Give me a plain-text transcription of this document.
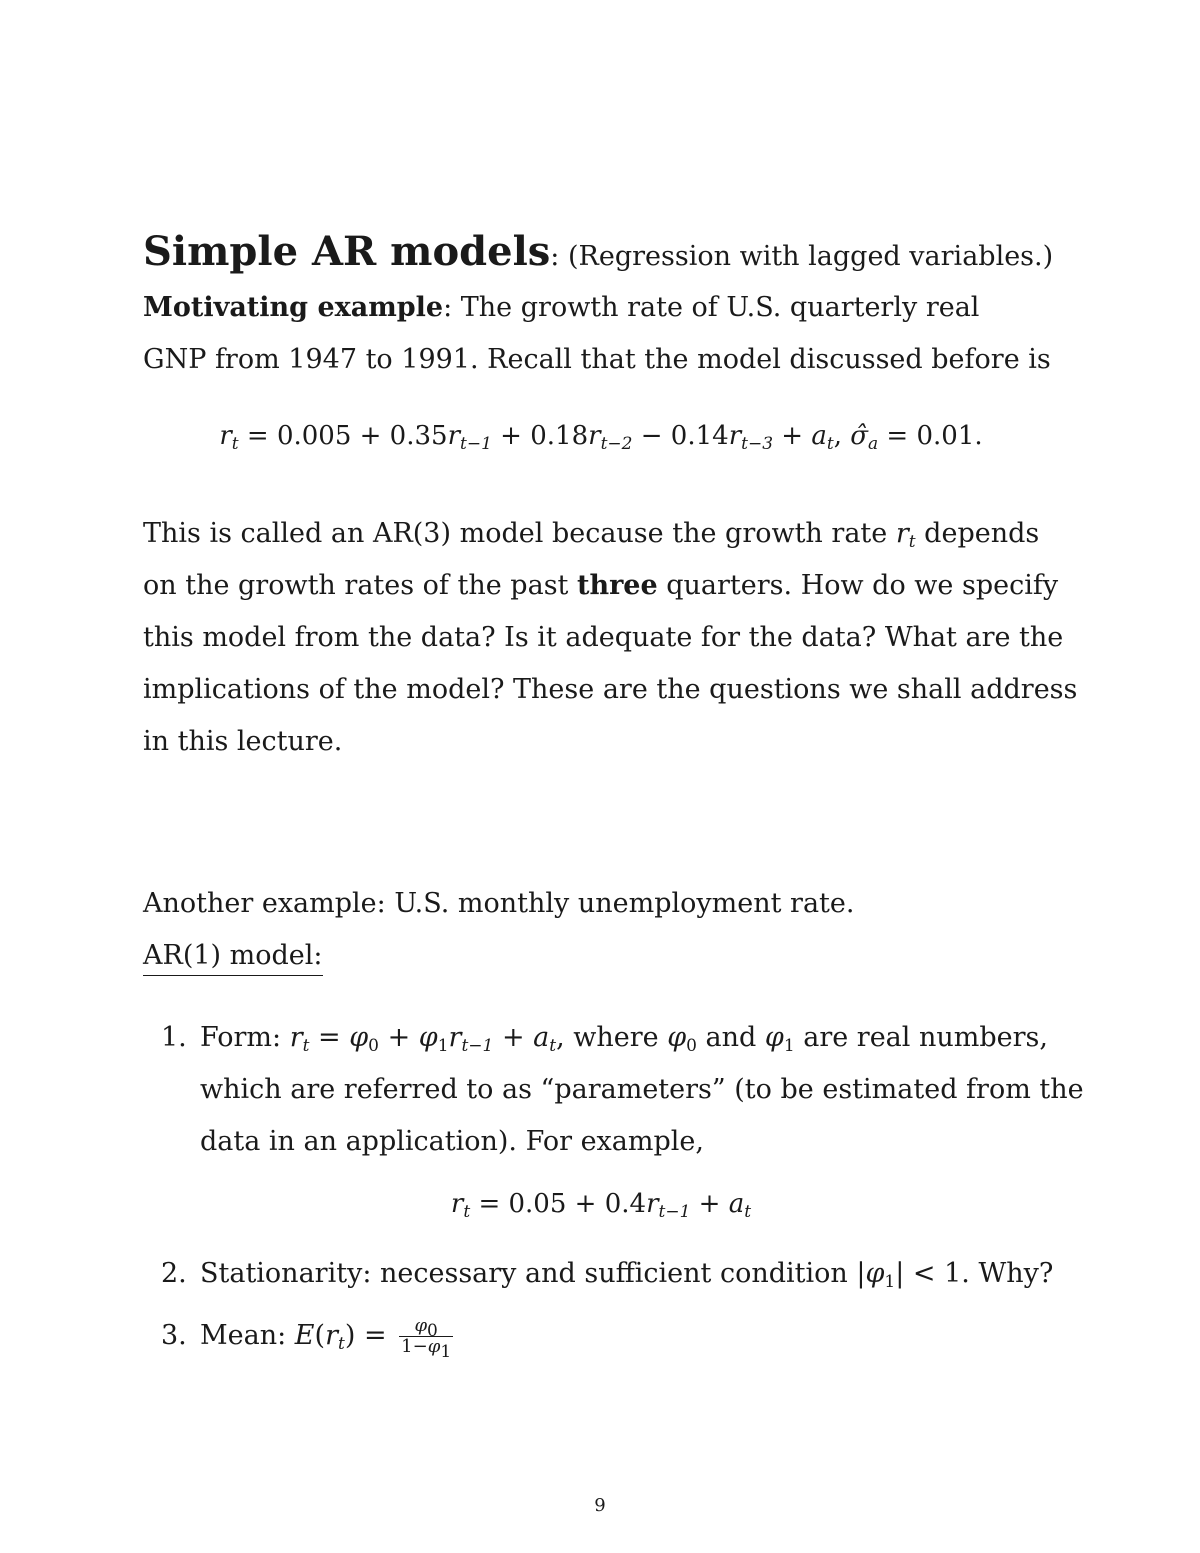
Simple AR models: (Regression with lagged variables.)
Motivating example: The growth rate of U.S. quarterly real
GNP from 1947 to 1991. Recall that the model discussed before is
$r_t = 0.005 + 0.35r_{t-1} + 0.18r_{t-2} - 0.14r_{t-3} + a_t$, $\sigmâ_a = 0.01$.
This is called an AR(3) model because the growth rate $r_t$ depends
on the growth rates of the past three quarters. How do we specify
this model from the data? Is it adequate for the data? What are the
implications of the model? These are the questions we shall address
in this lecture.
Another example: U.S. monthly unemployment rate.
AR(1) model:
1. Form: $r_t = \varphi_0 + \varphi_1r_{t-1} + a_t$, where $\varphi_0$ and $\varphi_1$ are real numbers,
which are referred to as “parameters” (to be estimated from the
data in an application). For example,
$r_t = 0.05 + 0.4r_{t-1} + a_t$
2. Stationarity: necessary and sufficient condition $|\varphi_1| < 1$. Why?
3. Mean: $E(r_t) = \frac{\varphi 0}{1-\varphi 1}$
9
